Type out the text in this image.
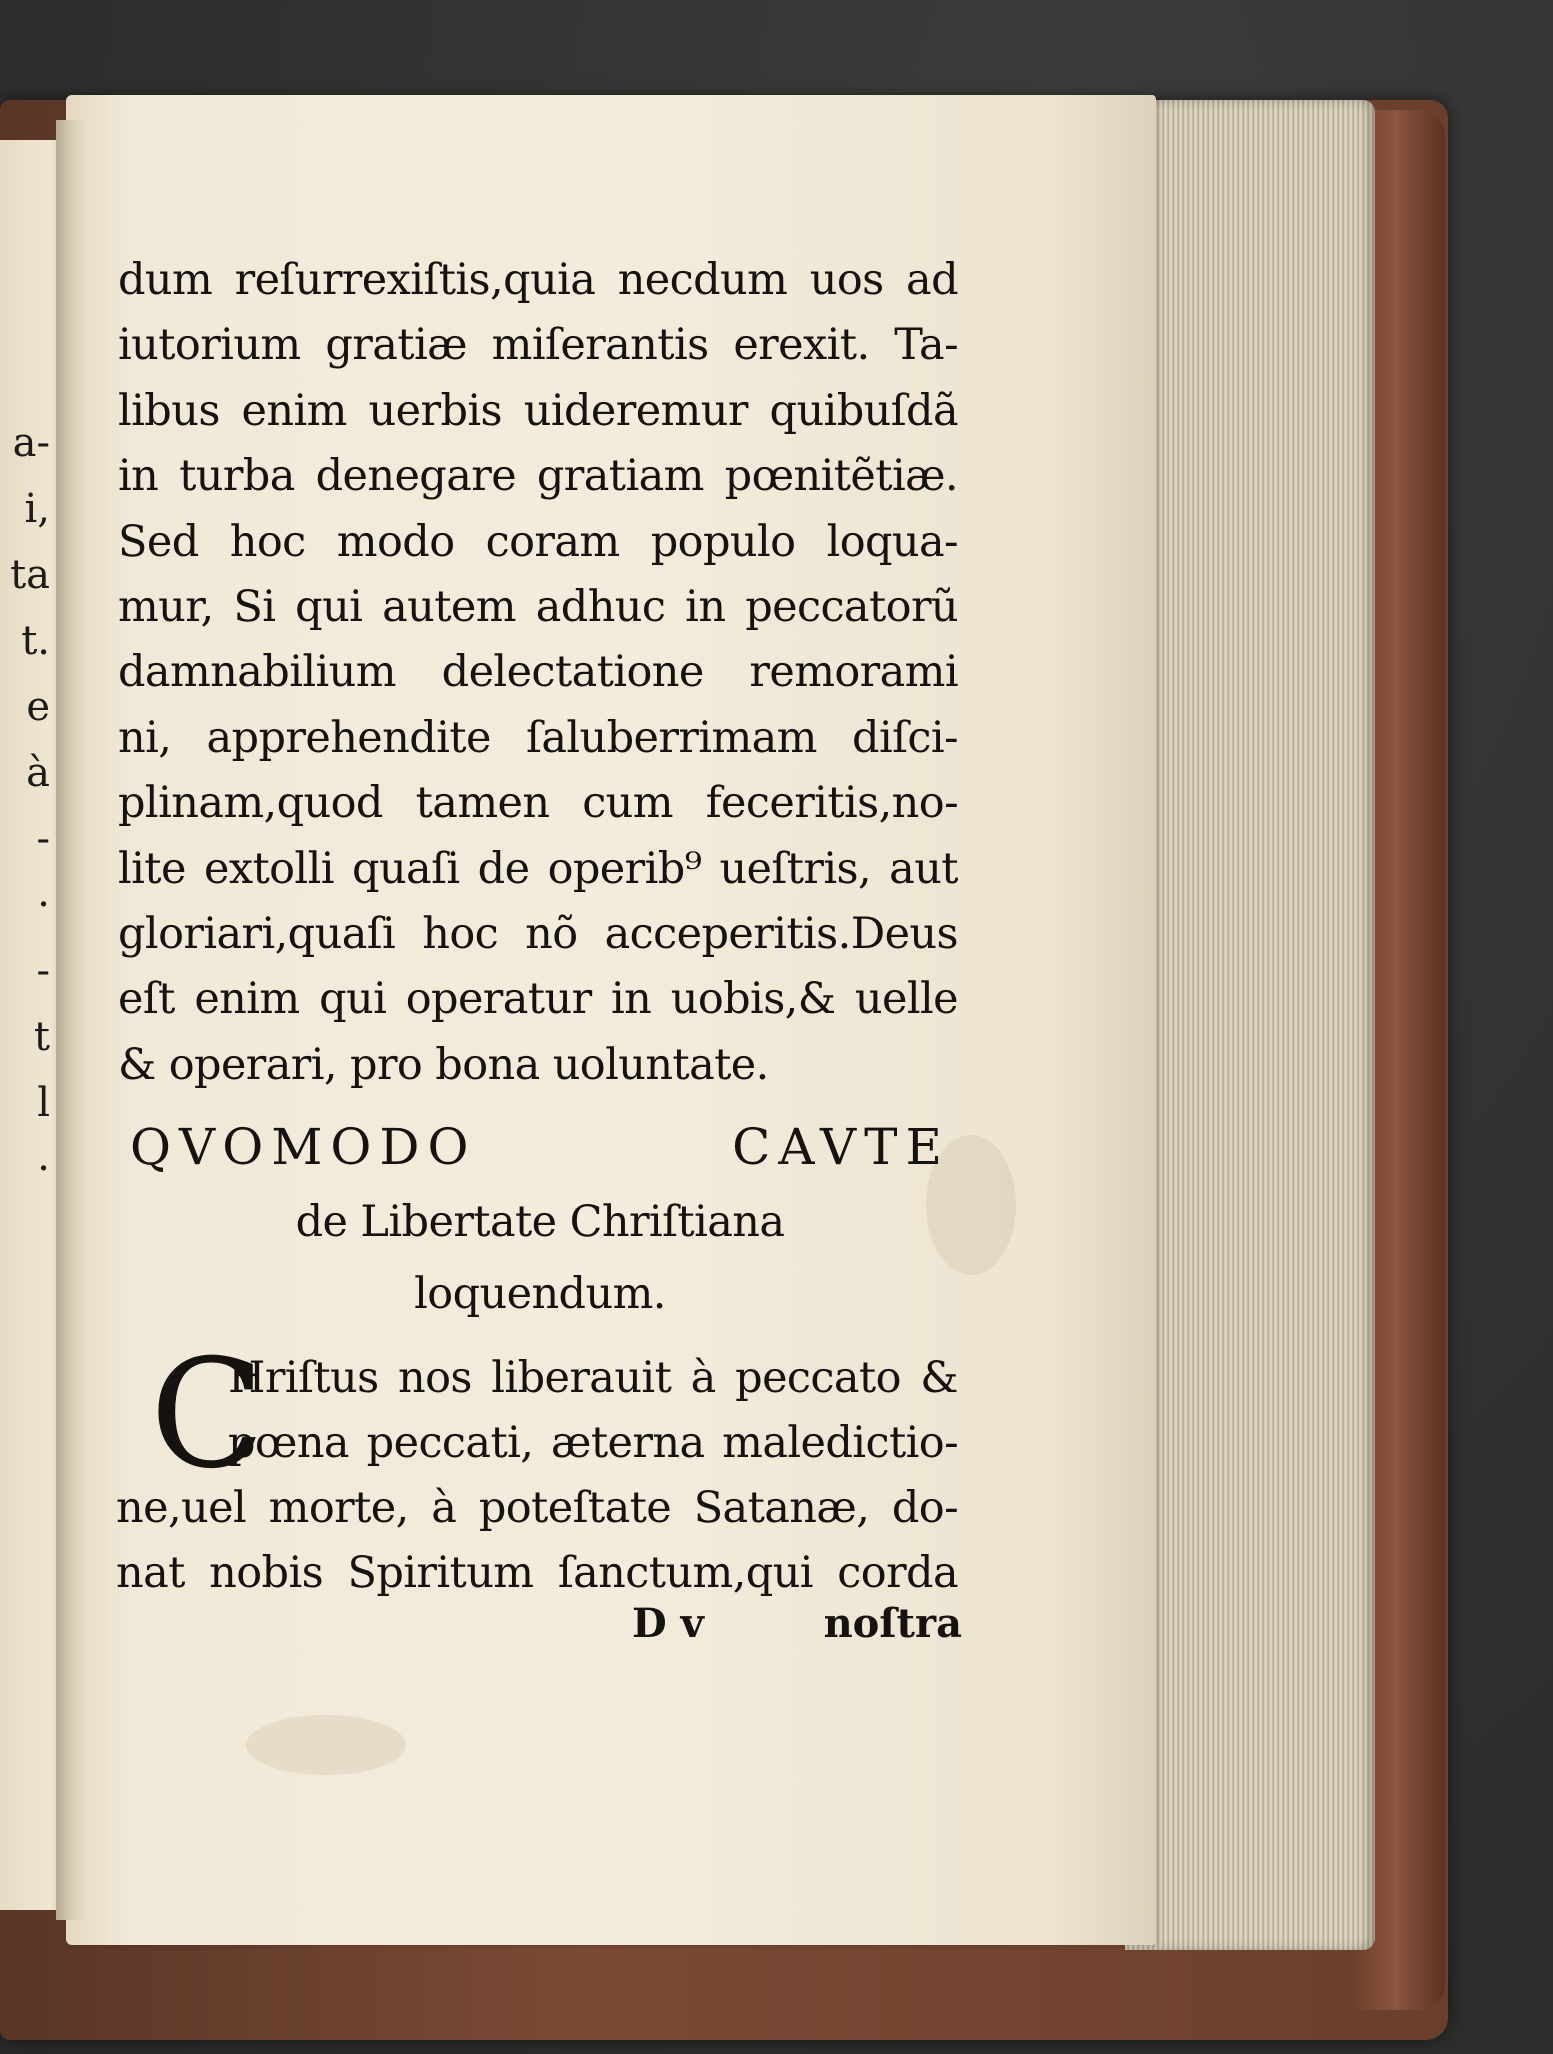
a-
i,
ta
t.
e
à
-
·
-
t
l
·
dum reſurrexiſtis,quia necdum uos ad
iutorium gratiæ miſerantis erexit. Ta-
libus enim uerbis uideremur quibuſdã
in turba denegare gratiam pœnitẽtiæ.
Sed hoc modo coram populo loqua-
mur, Si qui autem adhuc in peccatorũ
damnabilium delectatione remorami
ni, apprehendite ſaluberrimam diſci-
plinam,quod tamen cum feceritis,no-
lite extolli quaſi de operib⁹ ueſtris, aut
gloriari,quaſi hoc nõ acceperitis.Deus
eſt enim qui operatur in uobis,& uelle
& operari, pro bona uoluntate.
QVOMODO CAVTE
de Libertate Chriſtiana
loquendum.
C
Hriſtus nos liberauit à peccato &
pœna peccati, æterna maledictio-
ne,uel morte, à poteſtate Satanæ, do-
nat nobis Spiritum ſanctum,qui corda
D v	noſtra
